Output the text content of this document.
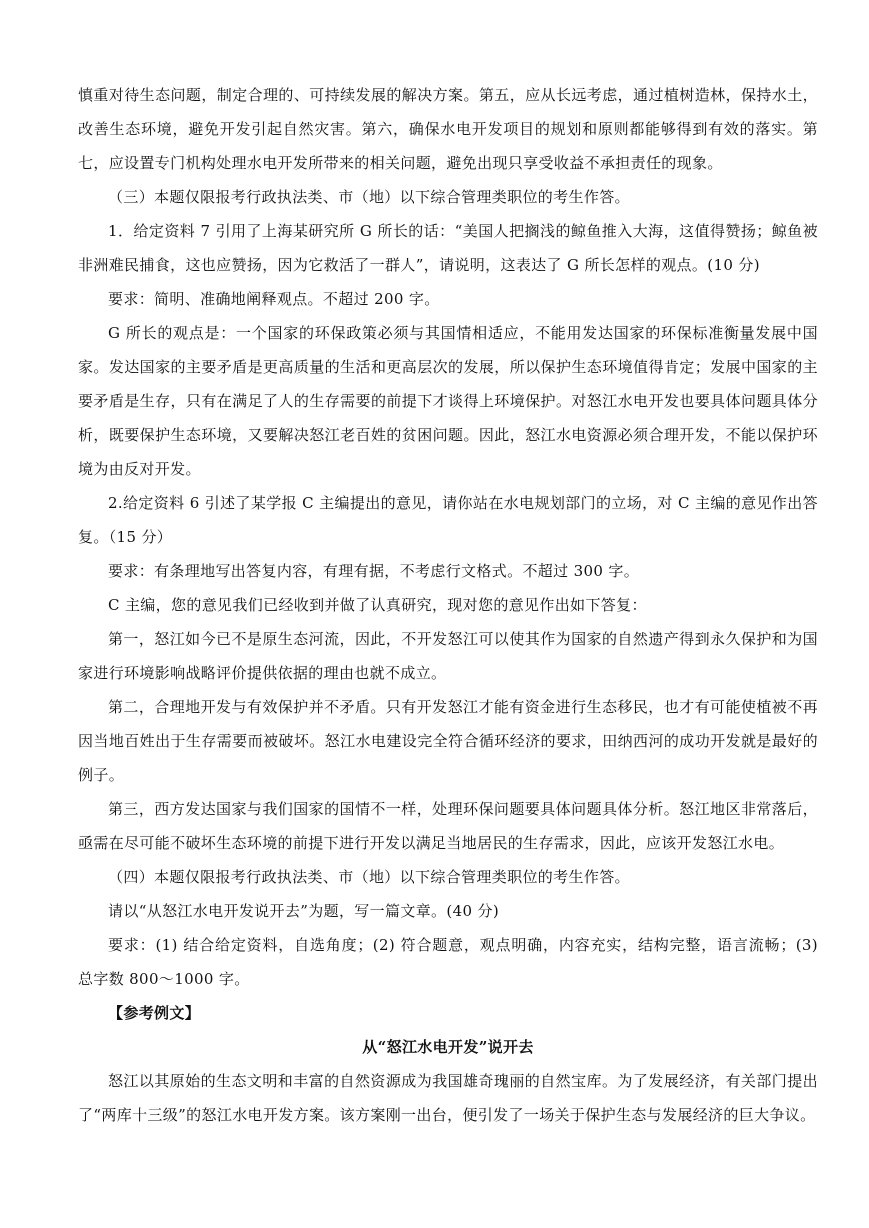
慎重对待生态问题，制定合理的、可持续发展的解决方案。第五，应从长远考虑，通过植树造林，保持水土，改善生态环境，避免开发引起自然灾害。第六，确保水电开发项目的规划和原则都能够得到有效的落实。第七，应设置专门机构处理水电开发所带来的相关问题，避免出现只享受收益不承担责任的现象。

（三）本题仅限报考行政执法类、市（地）以下综合管理类职位的考生作答。

1．给定资料 7 引用了上海某研究所 G 所长的话：“美国人把搁浅的鲸鱼推入大海，这值得赞扬；鲸鱼被非洲难民捕食，这也应赞扬，因为它救活了一群人”，请说明，这表达了 G 所长怎样的观点。(10 分)

要求：简明、准确地阐释观点。不超过 200 字。

G 所长的观点是：一个国家的环保政策必须与其国情相适应，不能用发达国家的环保标准衡量发展中国家。发达国家的主要矛盾是更高质量的生活和更高层次的发展，所以保护生态环境值得肯定；发展中国家的主要矛盾是生存，只有在满足了人的生存需要的前提下才谈得上环境保护。对怒江水电开发也要具体问题具体分析，既要保护生态环境，又要解决怒江老百姓的贫困问题。因此，怒江水电资源必须合理开发，不能以保护环境为由反对开发。

2.给定资料 6 引述了某学报 C 主编提出的意见，请你站在水电规划部门的立场，对 C 主编的意见作出答复。（15 分）

要求：有条理地写出答复内容，有理有据，不考虑行文格式。不超过 300 字。

C 主编，您的意见我们已经收到并做了认真研究，现对您的意见作出如下答复：

第一，怒江如今已不是原生态河流，因此，不开发怒江可以使其作为国家的自然遗产得到永久保护和为国家进行环境影响战略评价提供依据的理由也就不成立。

第二，合理地开发与有效保护并不矛盾。只有开发怒江才能有资金进行生态移民，也才有可能使植被不再因当地百姓出于生存需要而被破坏。怒江水电建设完全符合循环经济的要求，田纳西河的成功开发就是最好的例子。

第三，西方发达国家与我们国家的国情不一样，处理环保问题要具体问题具体分析。怒江地区非常落后，亟需在尽可能不破坏生态环境的前提下进行开发以满足当地居民的生存需求，因此，应该开发怒江水电。

（四）本题仅限报考行政执法类、市（地）以下综合管理类职位的考生作答。

请以“从怒江水电开发说开去”为题，写一篇文章。(40 分)

要求：(1) 结合给定资料，自选角度；(2) 符合题意，观点明确，内容充实，结构完整，语言流畅；(3) 总字数 800～1000 字。

【参考例文】

从“怒江水电开发”说开去

怒江以其原始的生态文明和丰富的自然资源成为我国雄奇瑰丽的自然宝库。为了发展经济，有关部门提出了“两库十三级”的怒江水电开发方案。该方案刚一出台，便引发了一场关于保护生态与发展经济的巨大争议。
